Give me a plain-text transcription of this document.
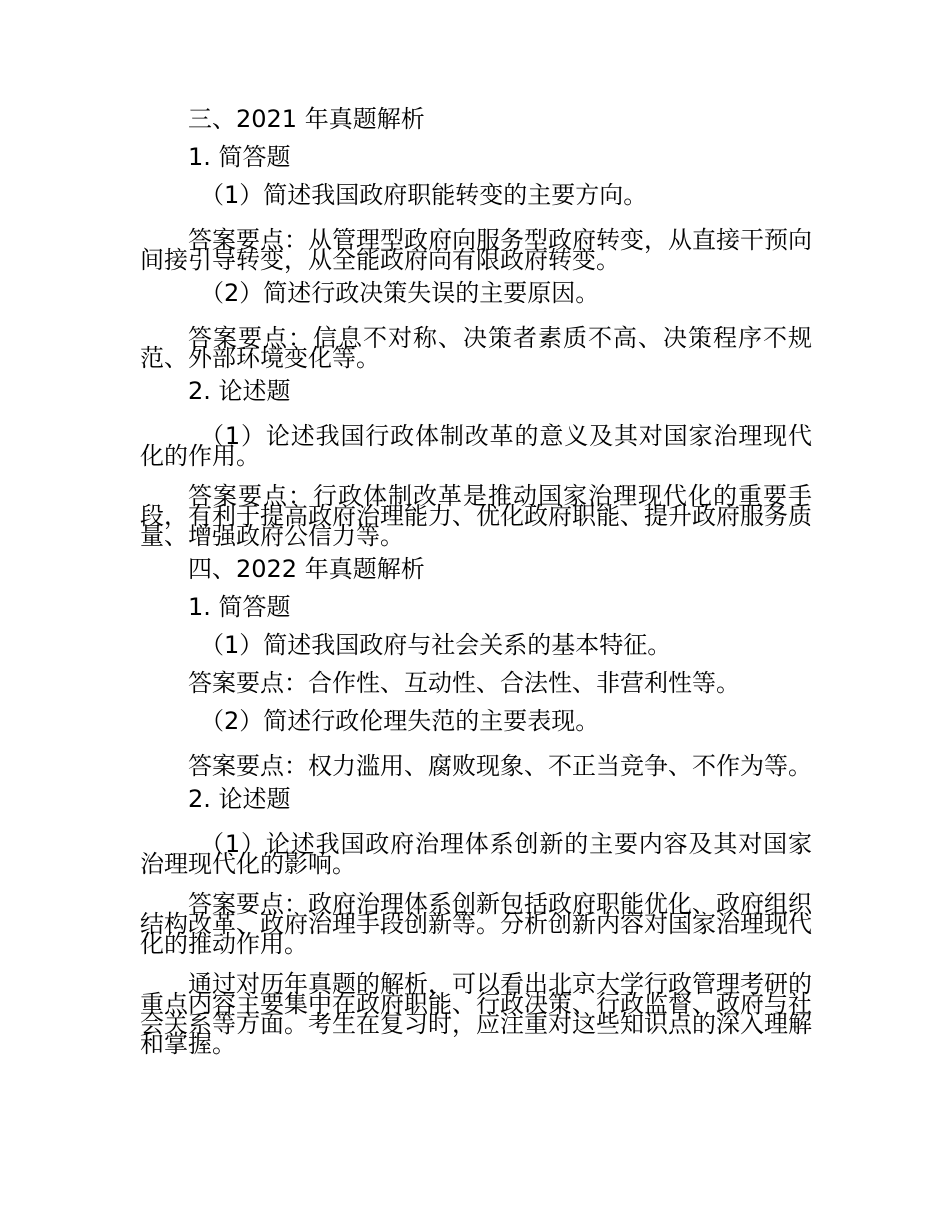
三、2021 年真题解析

1. 简答题

（1）简述我国政府职能转变的主要方向。

答案要点：从管理型政府向服务型政府转变，从直接干预向间接引导转变，从全能政府向有限政府转变。

（2）简述行政决策失误的主要原因。

答案要点：信息不对称、决策者素质不高、决策程序不规范、外部环境变化等。

2. 论述题

（1）论述我国行政体制改革的意义及其对国家治理现代化的作用。

答案要点：行政体制改革是推动国家治理现代化的重要手段，有利于提高政府治理能力、优化政府职能、提升政府服务质量、增强政府公信力等。

四、2022 年真题解析

1. 简答题

（1）简述我国政府与社会关系的基本特征。

答案要点：合作性、互动性、合法性、非营利性等。

（2）简述行政伦理失范的主要表现。

答案要点：权力滥用、腐败现象、不正当竞争、不作为等。

2. 论述题

（1）论述我国政府治理体系创新的主要内容及其对国家治理现代化的影响。

答案要点：政府治理体系创新包括政府职能优化、政府组织结构改革、政府治理手段创新等。分析创新内容对国家治理现代化的推动作用。

通过对历年真题的解析，可以看出北京大学行政管理考研的重点内容主要集中在政府职能、行政决策、行政监督、政府与社会关系等方面。考生在复习时，应注重对这些知识点的深入理解和掌握。
